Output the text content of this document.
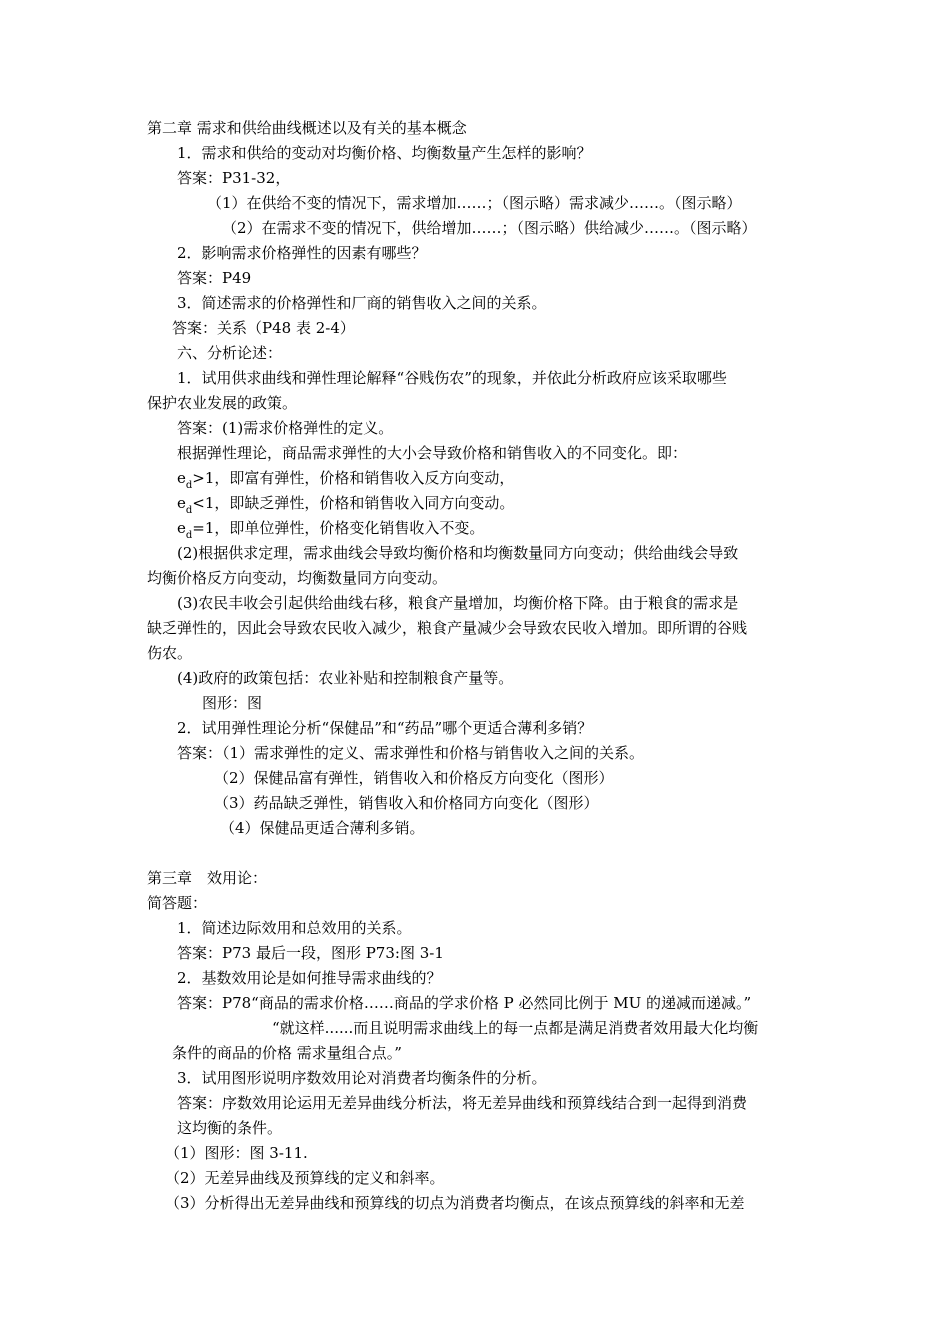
第二章 需求和供给曲线概述以及有关的基本概念
1．需求和供给的变动对均衡价格、均衡数量产生怎样的影响？
答案：P31-32，
（1）在供给不变的情况下，需求增加……；（图示略）需求减少……。（图示略）
（2）在需求不变的情况下，供给增加……；（图示略）供给减少……。（图示略）
2．影响需求价格弹性的因素有哪些？
答案：P49
3．简述需求的价格弹性和厂商的销售收入之间的关系。
答案：关系（P48 表 2-4）
六、分析论述：
1．试用供求曲线和弹性理论解释“谷贱伤农”的现象，并依此分析政府应该采取哪些
保护农业发展的政策。
答案：(1)需求价格弹性的定义。
根据弹性理论，商品需求弹性的大小会导致价格和销售收入的不同变化。即：
$e_d>1$，即富有弹性，价格和销售收入反方向变动，
$e_d<1$，即缺乏弹性，价格和销售收入同方向变动。
$e_d=1$，即单位弹性，价格变化销售收入不变。
(2)根据供求定理，需求曲线会导致均衡价格和均衡数量同方向变动；供给曲线会导致
均衡价格反方向变动，均衡数量同方向变动。
(3)农民丰收会引起供给曲线右移，粮食产量增加，均衡价格下降。由于粮食的需求是
缺乏弹性的，因此会导致农民收入减少，粮食产量减少会导致农民收入增加。即所谓的谷贱
伤农。
(4)政府的政策包括：农业补贴和控制粮食产量等。
图形：图
2．试用弹性理论分析“保健品”和“药品”哪个更适合薄利多销？
答案：（1）需求弹性的定义、需求弹性和价格与销售收入之间的关系。
（2）保健品富有弹性，销售收入和价格反方向变化（图形）
（3）药品缺乏弹性，销售收入和价格同方向变化（图形）
（4）保健品更适合薄利多销。
第三章　效用论：
简答题：
1．简述边际效用和总效用的关系。
答案：P73 最后一段，图形 P73:图 3-1
2．基数效用论是如何推导需求曲线的？
答案：P78“商品的需求价格……商品的学求价格 P 必然同比例于 MU 的递减而递减。”
“就这样......而且说明需求曲线上的每一点都是满足消费者效用最大化均衡
条件的商品的价格 需求量组合点。”
3．试用图形说明序数效用论对消费者均衡条件的分析。
答案：序数效用论运用无差异曲线分析法，将无差异曲线和预算线结合到一起得到消费
这均衡的条件。
（1）图形：图 3-11.
（2）无差异曲线及预算线的定义和斜率。
（3）分析得出无差异曲线和预算线的切点为消费者均衡点，在该点预算线的斜率和无差
